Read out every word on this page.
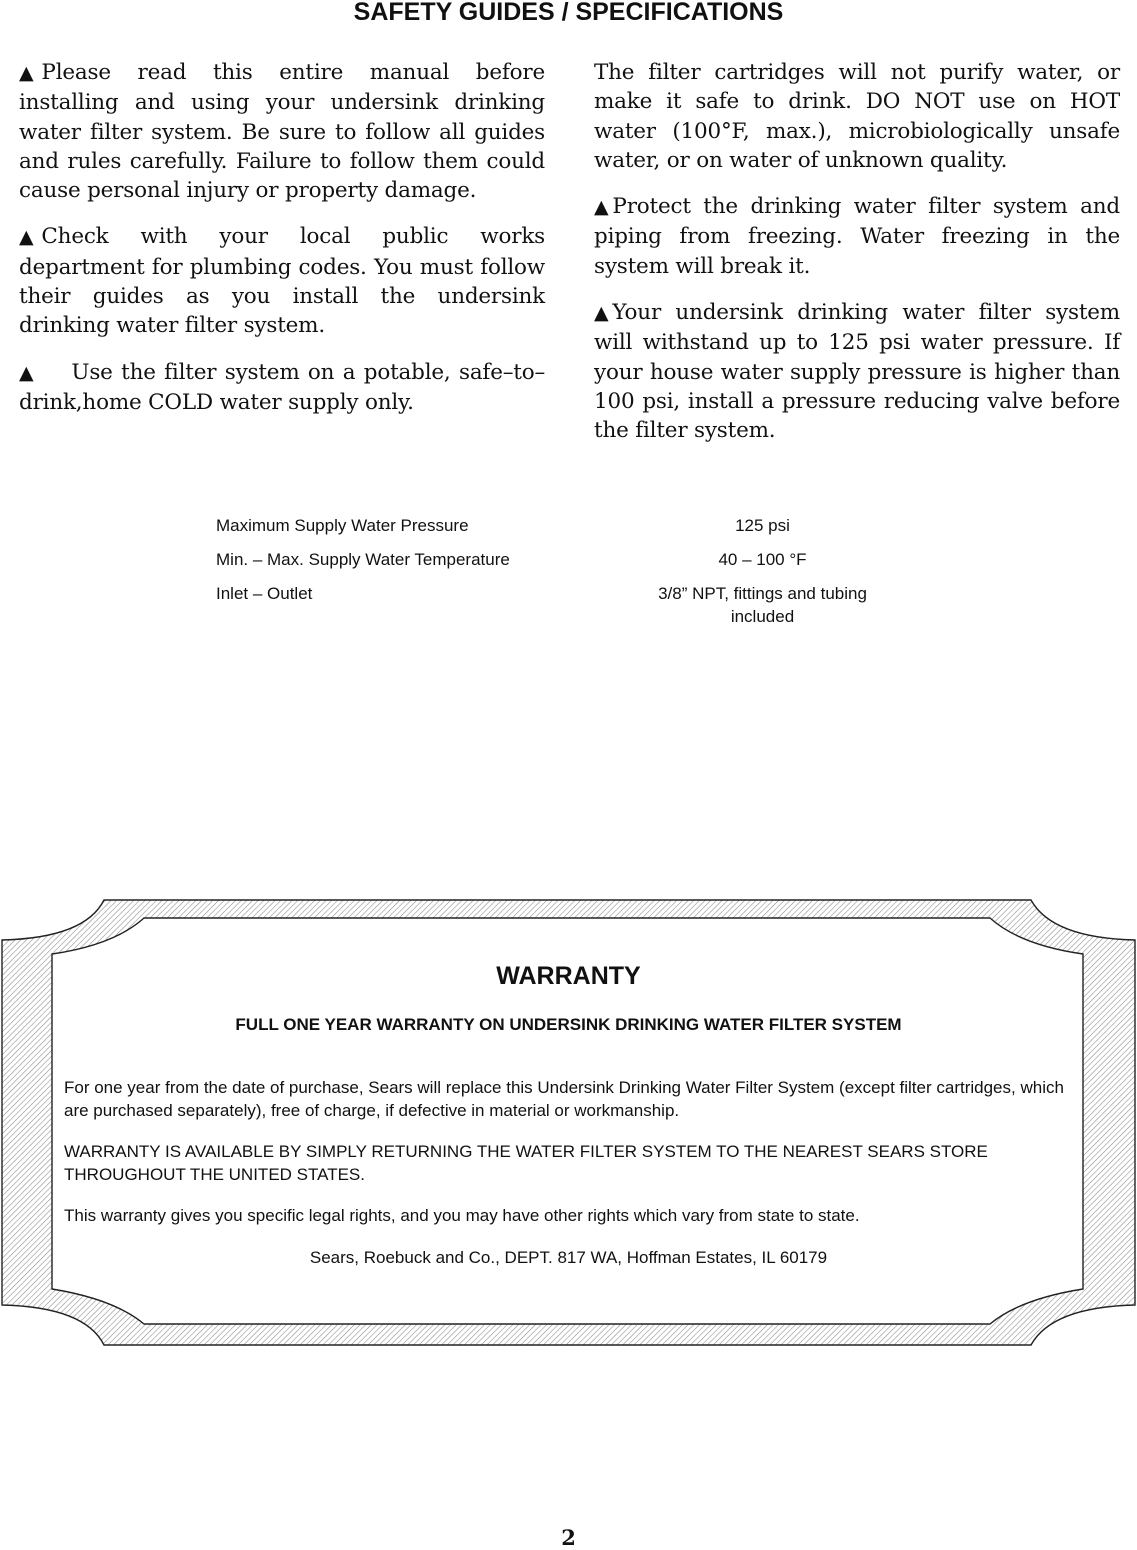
SAFETY GUIDES / SPECIFICATIONS

▲ Please read this entire manual before installing and using your undersink drinking water filter system. Be sure to follow all guides and rules carefully. Failure to follow them could cause personal injury or property damage.

▲ Check with your local public works department for plumbing codes. You must follow their guides as you install the undersink drinking water filter system.

▲ Use the filter system on a potable, safe–to–drink,home COLD water supply only.

The filter cartridges will not purify water, or make it safe to drink. DO NOT use on HOT water (100°F, max.), microbiologically unsafe water, or on water of unknown quality.

▲ Protect the drinking water filter system and piping from freezing. Water freezing in the system will break it.

▲ Your undersink drinking water filter system will withstand up to 125 psi water pressure. If your house water supply pressure is higher than 100 psi, install a pressure reducing valve before the filter system.

Maximum Supply Water Pressure	125 psi
Min. – Max. Supply Water Temperature	40 – 100 °F
Inlet – Outlet	3/8” NPT, fittings and tubing included
WARRANTY
FULL ONE YEAR WARRANTY ON UNDERSINK DRINKING WATER FILTER SYSTEM

For one year from the date of purchase, Sears will replace this Undersink Drinking Water Filter System (except filter cartridges, which are purchased separately), free of charge, if defective in material or workmanship.

WARRANTY IS AVAILABLE BY SIMPLY RETURNING THE WATER FILTER SYSTEM TO THE NEAREST SEARS STORE THROUGHOUT THE UNITED STATES.

This warranty gives you specific legal rights, and you may have other rights which vary from state to state.

Sears, Roebuck and Co., DEPT. 817 WA, Hoffman Estates, IL 60179
2
